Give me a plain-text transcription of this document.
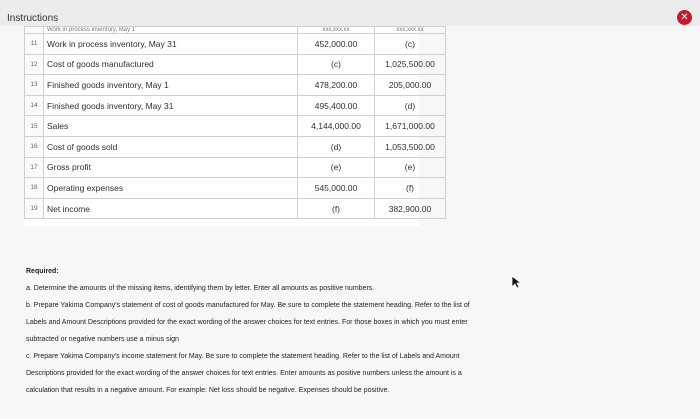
Instructions	✕
	Work in process inventory, May 1	xxx,xxx.xx	xxx,xxx.xx
11	Work in process inventory, May 31	452,000.00	(c)
12	Cost of goods manufactured	(c)	1,025,500.00
13	Finished goods inventory, May 1	478,200.00	205,000.00
14	Finished goods inventory, May 31	495,400.00	(d)
15	Sales	4,144,000.00	1,671,000.00
16	Cost of goods sold	(d)	1,053,500.00
17	Gross profit	(e)	(e)
18	Operating expenses	545,000.00	(f)
19	Net income	(f)	382,900.00

Required:

a. Determine the amounts of the missing items, identifying them by letter. Enter all amounts as positive numbers.

b. Prepare Yakima Company's statement of cost of goods manufactured for May. Be sure to complete the statement heading. Refer to the list of

Labels and Amount Descriptions provided for the exact wording of the answer choices for text entries. For those boxes in which you must enter

subtracted or negative numbers use a minus sign

c. Prepare Yakima Company's income statement for May. Be sure to complete the statement heading. Refer to the list of Labels and Amount

Descriptions provided for the exact wording of the answer choices for text entries. Enter amounts as positive numbers unless the amount is a

calculation that results in a negative amount. For example: Net loss should be negative. Expenses should be positive.
